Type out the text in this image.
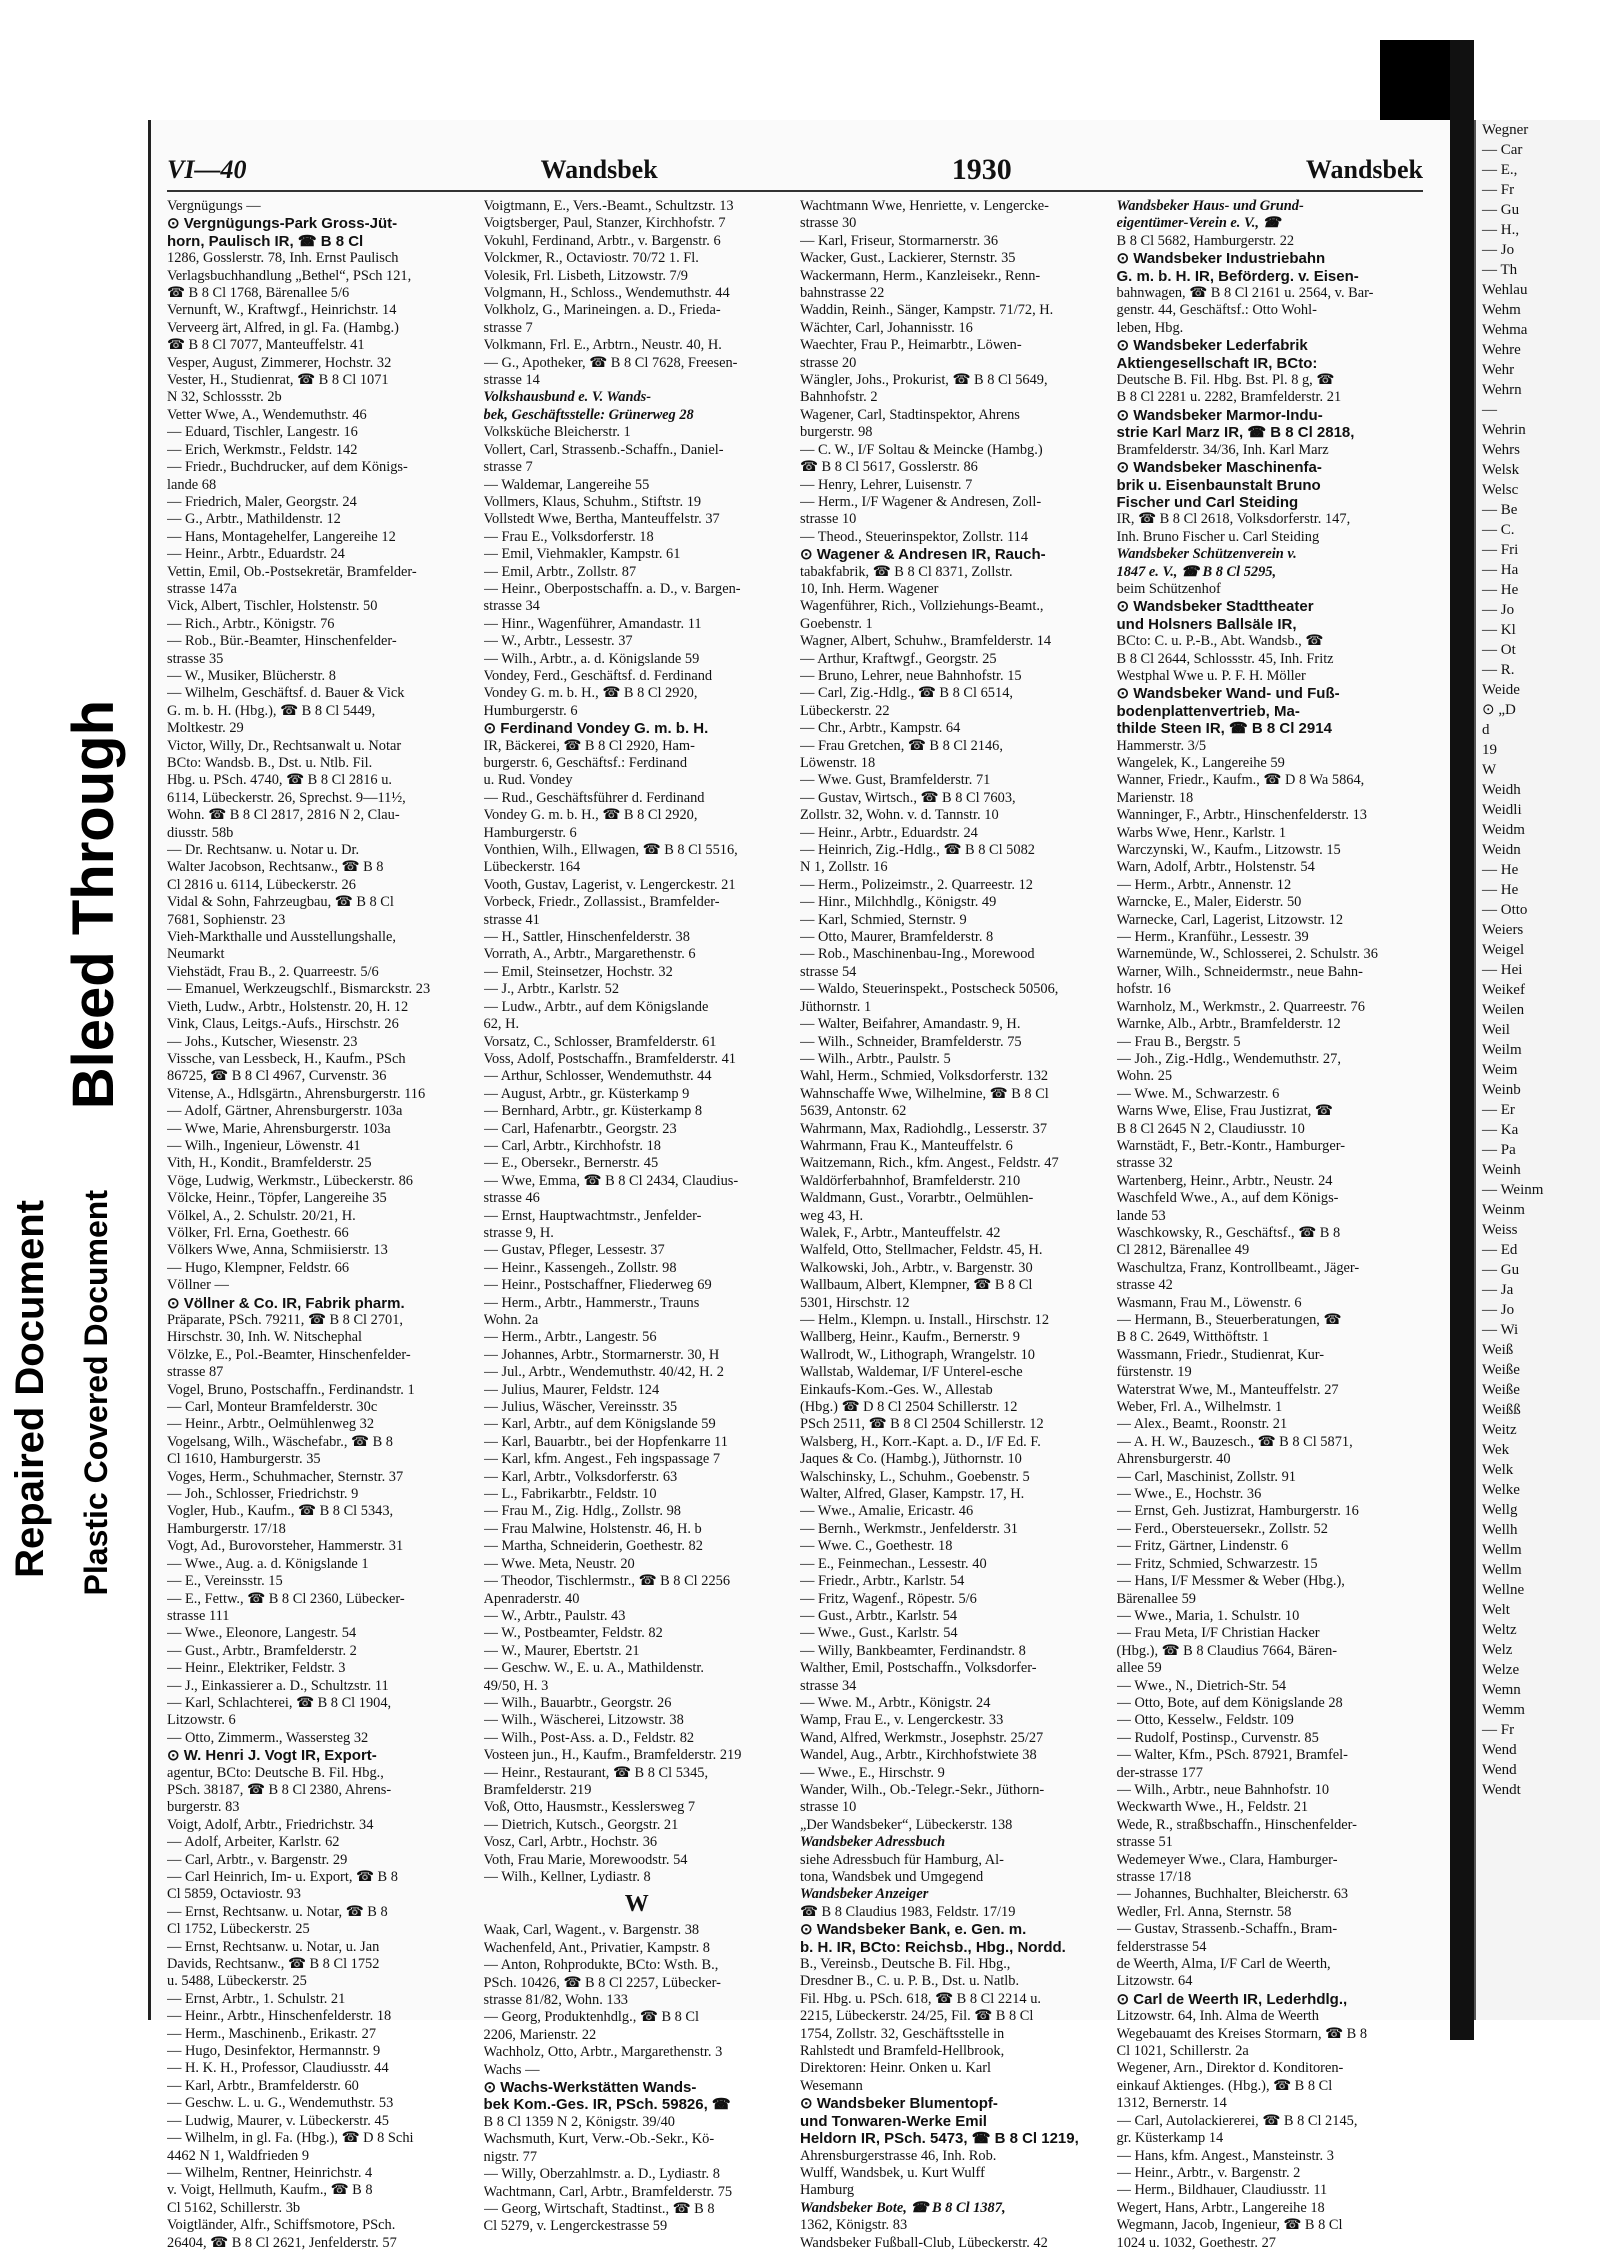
Repaired Document Plastic Covered Document
Bleed Through
VI—40	Wandsbek	1930	Wandsbek
Vergnügungs —
⊙ Vergnügungs-Park Gross-Jüt-
horn, Paulisch IR, ☎ B 8 Cl
1286, Gosslerstr. 78, Inh. Ernst Paulisch
Verlagsbuchhandlung „Bethel“, PSch 121,
☎ B 8 Cl 1768, Bärenallee 5/6
Vernunft, W., Kraftwgf., Heinrichstr. 14
Verveerg ärt, Alfred, in gl. Fa. (Hambg.)
☎ B 8 Cl 7077, Manteuffelstr. 41
Vesper, August, Zimmerer, Hochstr. 32
Vester, H., Studienrat, ☎ B 8 Cl 1071
N 32, Schlossstr. 2b
Vetter Wwe, A., Wendemuthstr. 46
— Eduard, Tischler, Langestr. 16
— Erich, Werkmstr., Feldstr. 142
— Friedr., Buchdrucker, auf dem Königs-
lande 68
— Friedrich, Maler, Georgstr. 24
— G., Arbtr., Mathildenstr. 12
— Hans, Montagehelfer, Langereihe 12
— Heinr., Arbtr., Eduardstr. 24
Vettin, Emil, Ob.-Postsekretär, Bramfelder-
strasse 147a
Vick, Albert, Tischler, Holstenstr. 50
— Rich., Arbtr., Königstr. 76
— Rob., Bür.-Beamter, Hinschenfelder-
strasse 35
— W., Musiker, Blücherstr. 8
— Wilhelm, Geschäftsf. d. Bauer & Vick
G. m. b. H. (Hbg.), ☎ B 8 Cl 5449,
Moltkestr. 29
Victor, Willy, Dr., Rechtsanwalt u. Notar
BCto: Wandsb. B., Dst. u. Ntlb. Fil.
Hbg. u. PSch. 4740, ☎ B 8 Cl 2816 u.
6114, Lübeckerstr. 26, Sprechst. 9—11½,
Wohn. ☎ B 8 Cl 2817, 2816 N 2, Clau-
diusstr. 58b
— Dr. Rechtsanw. u. Notar u. Dr.
Walter Jacobson, Rechtsanw., ☎ B 8
Cl 2816 u. 6114, Lübeckerstr. 26
Vidal & Sohn, Fahrzeugbau, ☎ B 8 Cl
7681, Sophienstr. 23
Vieh-Markthalle und Ausstellungshalle,
Neumarkt
Viehstädt, Frau B., 2. Quarreestr. 5/6
— Emanuel, Werkzeugschlf., Bismarckstr. 23
Vieth, Ludw., Arbtr., Holstenstr. 20, H. 12
Vink, Claus, Leitgs.-Aufs., Hirschstr. 26
— Johs., Kutscher, Wiesenstr. 23
Vissche, van Lessbeck, H., Kaufm., PSch
86725, ☎ B 8 Cl 4967, Curvenstr. 36
Vitense, A., Hdlsgärtn., Ahrensburgerstr. 116
— Adolf, Gärtner, Ahrensburgerstr. 103a
— Wwe, Marie, Ahrensburgerstr. 103a
— Wilh., Ingenieur, Löwenstr. 41
Vith, H., Kondit., Bramfelderstr. 25
Vöge, Ludwig, Werkmstr., Lübeckerstr. 86
Völcke, Heinr., Töpfer, Langereihe 35
Völkel, A., 2. Schulstr. 20/21, H.
Völker, Frl. Erna, Goethestr. 66
Völkers Wwe, Anna, Schmiisierstr. 13
— Hugo, Klempner, Feldstr. 66
Völlner —
⊙ Völlner & Co. IR, Fabrik pharm.
Präparate, PSch. 79211, ☎ B 8 Cl 2701,
Hirschstr. 30, Inh. W. Nitschephal
Völzke, E., Pol.-Beamter, Hinschenfelder-
strasse 87
Vogel, Bruno, Postschaffn., Ferdinandstr. 1
— Carl, Monteur Bramfelderstr. 30c
— Heinr., Arbtr., Oelmühlenweg 32
Vogelsang, Wilh., Wäschefabr., ☎ B 8
Cl 1610, Hamburgerstr. 35
Voges, Herm., Schuhmacher, Sternstr. 37
— Joh., Schlosser, Friedrichstr. 9
Vogler, Hub., Kaufm., ☎ B 8 Cl 5343,
Hamburgerstr. 17/18
Vogt, Ad., Burovorsteher, Hammerstr. 31
— Wwe., Aug. a. d. Königslande 1
— E., Vereinsstr. 15
— E., Fettw., ☎ B 8 Cl 2360, Lübecker-
strasse 111
— Wwe., Eleonore, Langestr. 54
— Gust., Arbtr., Bramfelderstr. 2
— Heinr., Elektriker, Feldstr. 3
— J., Einkassierer a. D., Schultzstr. 11
— Karl, Schlachterei, ☎ B 8 Cl 1904,
Litzowstr. 6
— Otto, Zimmerm., Wassersteg 32
⊙ W. Henri J. Vogt IR, Export-
agentur, BCto: Deutsche B. Fil. Hbg.,
PSch. 38187, ☎ B 8 Cl 2380, Ahrens-
burgerstr. 83
Voigt, Adolf, Arbtr., Friedrichstr. 34
— Adolf, Arbeiter, Karlstr. 62
— Carl, Arbtr., v. Bargenstr. 29
— Carl Heinrich, Im- u. Export, ☎ B 8
Cl 5859, Octaviostr. 93
— Ernst, Rechtsanw. u. Notar, ☎ B 8
Cl 1752, Lübeckerstr. 25
— Ernst, Rechtsanw. u. Notar, u. Jan
Davids, Rechtsanw., ☎ B 8 Cl 1752
u. 5488, Lübeckerstr. 25
— Ernst, Arbtr., 1. Schulstr. 21
— Heinr., Arbtr., Hinschenfelderstr. 18
— Herm., Maschinenb., Erikastr. 27
— Hugo, Desinfektor, Hermannstr. 9
— H. K. H., Professor, Claudiusstr. 44
— Karl, Arbtr., Bramfelderstr. 60
— Geschw. L. u. G., Wendemuthstr. 53
— Ludwig, Maurer, v. Lübeckerstr. 45
— Wilhelm, in gl. Fa. (Hbg.), ☎ D 8 Schi
4462 N 1, Waldfrieden 9
— Wilhelm, Rentner, Heinrichstr. 4
v. Voigt, Hellmuth, Kaufm., ☎ B 8
Cl 5162, Schillerstr. 3b
Voigtländer, Alfr., Schiffsmotore, PSch.
26404, ☎ B 8 Cl 2621, Jenfelderstr. 57
Voigtmann, E., Vers.-Beamt., Schultzstr. 13
Voigtsberger, Paul, Stanzer, Kirchhofstr. 7
Vokuhl, Ferdinand, Arbtr., v. Bargenstr. 6
Volckmer, R., Octaviostr. 70/72 1. Fl.
Volesik, Frl. Lisbeth, Litzowstr. 7/9
Volgmann, H., Schloss., Wendemuthstr. 44
Volkholz, G., Marineingen. a. D., Frieda-
strasse 7
Volkmann, Frl. E., Arbtrn., Neustr. 40, H.
— G., Apotheker, ☎ B 8 Cl 7628, Freesen-
strasse 14
Volkshausbund e. V. Wands-
bek, Geschäftsstelle: Grünerweg 28
Volksküche Bleicherstr. 1
Vollert, Carl, Strassenb.-Schaffn., Daniel-
strasse 7
— Waldemar, Langereihe 55
Vollmers, Klaus, Schuhm., Stiftstr. 19
Vollstedt Wwe, Bertha, Manteuffelstr. 37
— Frau E., Volksdorferstr. 18
— Emil, Viehmakler, Kampstr. 61
— Emil, Arbtr., Zollstr. 87
— Heinr., Oberpostschaffn. a. D., v. Bargen-
strasse 34
— Hinr., Wagenführer, Amandastr. 11
— W., Arbtr., Lessestr. 37
— Wilh., Arbtr., a. d. Königslande 59
Vondey, Ferd., Geschäftsf. d. Ferdinand
Vondey G. m. b. H., ☎ B 8 Cl 2920,
Humburgerstr. 6
⊙ Ferdinand Vondey G. m. b. H.
IR, Bäckerei, ☎ B 8 Cl 2920, Ham-
burgerstr. 6, Geschäftsf.: Ferdinand
u. Rud. Vondey
— Rud., Geschäftsführer d. Ferdinand
Vondey G. m. b. H., ☎ B 8 Cl 2920,
Hamburgerstr. 6
Vonthien, Wilh., Ellwagen, ☎ B 8 Cl 5516,
Lübeckerstr. 164
Vooth, Gustav, Lagerist, v. Lengerckestr. 21
Vorbeck, Friedr., Zollassist., Bramfelder-
strasse 41
— H., Sattler, Hinschenfelderstr. 38
Vorrath, A., Arbtr., Margarethenstr. 6
— Emil, Steinsetzer, Hochstr. 32
— J., Arbtr., Karlstr. 52
— Ludw., Arbtr., auf dem Königslande
62, H.
Vorsatz, C., Schlosser, Bramfelderstr. 61
Voss, Adolf, Postschaffn., Bramfelderstr. 41
— Arthur, Schlosser, Wendemuthstr. 44
— August, Arbtr., gr. Küsterkamp 9
— Bernhard, Arbtr., gr. Küsterkamp 8
— Carl, Hafenarbtr., Georgstr. 23
— Carl, Arbtr., Kirchhofstr. 18
— E., Obersekr., Bernerstr. 45
— Wwe, Emma, ☎ B 8 Cl 2434, Claudius-
strasse 46
— Ernst, Hauptwachtmstr., Jenfelder-
strasse 9, H.
— Gustav, Pfleger, Lessestr. 37
— Heinr., Kassengeh., Zollstr. 98
— Heinr., Postschaffner, Fliederweg 69
— Herm., Arbtr., Hammerstr., Trauns
Wohn. 2a
— Herm., Arbtr., Langestr. 56
— Johannes, Arbtr., Stormarnerstr. 30, H
— Jul., Arbtr., Wendemuthstr. 40/42, H. 2
— Julius, Maurer, Feldstr. 124
— Julius, Wäscher, Vereinsstr. 35
— Karl, Arbtr., auf dem Königslande 59
— Karl, Bauarbtr., bei der Hopfenkarre 11
— Karl, kfm. Angest., Feh ingspassage 7
— Karl, Arbtr., Volksdorferstr. 63
— L., Fabrikarbtr., Feldstr. 10
— Frau M., Zig. Hdlg., Zollstr. 98
— Frau Malwine, Holstenstr. 46, H. b
— Martha, Schneiderin, Goethestr. 82
— Wwe. Meta, Neustr. 20
— Theodor, Tischlermstr., ☎ B 8 Cl 2256
Apenraderstr. 40
— W., Arbtr., Paulstr. 43
— W., Postbeamter, Feldstr. 82
— W., Maurer, Ebertstr. 21
— Geschw. W., E. u. A., Mathildenstr.
49/50, H. 3
— Wilh., Bauarbtr., Georgstr. 26
— Wilh., Wäscherei, Litzowstr. 38
— Wilh., Post-Ass. a. D., Feldstr. 82
Vosteen jun., H., Kaufm., Bramfelderstr. 219
— Heinr., Restaurant, ☎ B 8 Cl 5345,
Bramfelderstr. 219
Voß, Otto, Hausmstr., Kesslersweg 7
— Dietrich, Kutsch., Georgstr. 21
Vosz, Carl, Arbtr., Hochstr. 36
Voth, Frau Marie, Morewoodstr. 54
— Wilh., Kellner, Lydiastr. 8
W
Waak, Carl, Wagent., v. Bargenstr. 38
Wachenfeld, Ant., Privatier, Kampstr. 8
— Anton, Rohprodukte, BCto: Wsth. B.,
PSch. 10426, ☎ B 8 Cl 2257, Lübecker-
strasse 81/82, Wohn. 133
— Georg, Produktenhdlg., ☎ B 8 Cl
2206, Marienstr. 22
Wachholz, Otto, Arbtr., Margarethenstr. 3
Wachs —
⊙ Wachs-Werkstätten Wands-
bek Kom.-Ges. IR, PSch. 59826, ☎
B 8 Cl 1359 N 2, Königstr. 39/40
Wachsmuth, Kurt, Verw.-Ob.-Sekr., Kö-
nigstr. 77
— Willy, Oberzahlmstr. a. D., Lydiastr. 8
Wachtmann, Carl, Arbtr., Bramfelderstr. 75
— Georg, Wirtschaft, Stadtinst., ☎ B 8
Cl 5279, v. Lengerckestrasse 59
Wachtmann Wwe, Henriette, v. Lengercke-
strasse 30
— Karl, Friseur, Stormarnerstr. 36
Wacker, Gust., Lackierer, Sternstr. 35
Wackermann, Herm., Kanzleisekr., Renn-
bahnstrasse 22
Waddin, Reinh., Sänger, Kampstr. 71/72, H.
Wächter, Carl, Johannisstr. 16
Waechter, Frau P., Heimarbtr., Löwen-
strasse 20
Wängler, Johs., Prokurist, ☎ B 8 Cl 5649,
Bahnhofstr. 2
Wagener, Carl, Stadtinspektor, Ahrens
burgerstr. 98
— C. W., I/F Soltau & Meincke (Hambg.)
☎ B 8 Cl 5617, Gosslerstr. 86
— Henry, Lehrer, Luisenstr. 7
— Herm., I/F Wagener & Andresen, Zoll-
strasse 10
— Theod., Steuerinspektor, Zollstr. 114
⊙ Wagener & Andresen IR, Rauch-
tabakfabrik, ☎ B 8 Cl 8371, Zollstr.
10, Inh. Herm. Wagener
Wagenführer, Rich., Vollziehungs-Beamt.,
Goebenstr. 1
Wagner, Albert, Schuhw., Bramfelderstr. 14
— Arthur, Kraftwgf., Georgstr. 25
— Bruno, Lehrer, neue Bahnhofstr. 15
— Carl, Zig.-Hdlg., ☎ B 8 Cl 6514,
Lübeckerstr. 22
— Chr., Arbtr., Kampstr. 64
— Frau Gretchen, ☎ B 8 Cl 2146,
Löwenstr. 18
— Wwe. Gust, Bramfelderstr. 71
— Gustav, Wirtsch., ☎ B 8 Cl 7603,
Zollstr. 32, Wohn. v. d. Tannstr. 10
— Heinr., Arbtr., Eduardstr. 24
— Heinrich, Zig.-Hdlg., ☎ B 8 Cl 5082
N 1, Zollstr. 16
— Herm., Polizeimstr., 2. Quarreestr. 12
— Hinr., Milchhdlg., Königstr. 49
— Karl, Schmied, Sternstr. 9
— Otto, Maurer, Bramfelderstr. 8
— Rob., Maschinenbau-Ing., Morewood
strasse 54
— Waldo, Steuerinspekt., Postscheck 50506,
Jüthornstr. 1
— Walter, Beifahrer, Amandastr. 9, H.
— Wilh., Schneider, Bramfelderstr. 75
— Wilh., Arbtr., Paulstr. 5
Wahl, Herm., Schmied, Volksdorferstr. 132
Wahnschaffe Wwe, Wilhelmine, ☎ B 8 Cl
5639, Antonstr. 62
Wahrmann, Max, Radiohdlg., Lesserstr. 37
Wahrmann, Frau K., Manteuffelstr. 6
Waitzemann, Rich., kfm. Angest., Feldstr. 47
Waldörferbahnhof, Bramfelderstr. 210
Waldmann, Gust., Vorarbtr., Oelmühlen-
weg 43, H.
Walek, F., Arbtr., Manteuffelstr. 42
Walfeld, Otto, Stellmacher, Feldstr. 45, H.
Walkowski, Joh., Arbtr., v. Bargenstr. 30
Wallbaum, Albert, Klempner, ☎ B 8 Cl
5301, Hirschstr. 12
— Helm., Klempn. u. Install., Hirschstr. 12
Wallberg, Heinr., Kaufm., Bernerstr. 9
Wallrodt, W., Lithograph, Wrangelstr. 10
Wallstab, Waldemar, I/F Unterel-esche
Einkaufs-Kom.-Ges. W., Allestab
(Hbg.) ☎ D 8 Cl 2504 Schillerstr. 12
PSch 2511, ☎ B 8 Cl 2504 Schillerstr. 12
Walsberg, H., Korr.-Kapt. a. D., I/F Ed. F.
Jaques & Co. (Hambg.), Jüthornstr. 10
Walschinsky, L., Schuhm., Goebenstr. 5
Walter, Alfred, Glaser, Kampstr. 17, H.
— Wwe., Amalie, Ericastr. 46
— Bernh., Werkmstr., Jenfelderstr. 31
— Wwe. C., Goethestr. 18
— E., Feinmechan., Lessestr. 40
— Friedr., Arbtr., Karlstr. 54
— Fritz, Wagenf., Röpestr. 5/6
— Gust., Arbtr., Karlstr. 54
— Wwe., Gust., Karlstr. 54
— Willy, Bankbeamter, Ferdinandstr. 8
Walther, Emil, Postschaffn., Volksdorfer-
strasse 34
— Wwe. M., Arbtr., Königstr. 24
Wamp, Frau E., v. Lengerckestr. 33
Wand, Alfred, Werkmstr., Josephstr. 25/27
Wandel, Aug., Arbtr., Kirchhofstwiete 38
— Wwe., E., Hirschstr. 9
Wander, Wilh., Ob.-Telegr.-Sekr., Jüthorn-
strasse 10
„Der Wandsbeker“, Lübeckerstr. 138
Wandsbeker Adressbuch
siehe Adressbuch für Hamburg, Al-
tona, Wandsbek und Umgegend
Wandsbeker Anzeiger
☎ B 8 Claudius 1983, Feldstr. 17/19
⊙ Wandsbeker Bank, e. Gen. m.
b. H. IR, BCto: Reichsb., Hbg., Nordd.
B., Vereinsb., Deutsche B. Fil. Hbg.,
Dresdner B., C. u. P. B., Dst. u. Natlb.
Fil. Hbg. u. PSch. 618, ☎ B 8 Cl 2214 u.
2215, Lübeckerstr. 24/25, Fil. ☎ B 8 Cl
1754, Zollstr. 32, Geschäftsstelle in
Rahlstedt und Bramfeld-Hellbrook,
Direktoren: Heinr. Onken u. Karl
Wesemann
⊙ Wandsbeker Blumentopf-
und Tonwaren-Werke Emil
Heldorn IR, PSch. 5473, ☎ B 8 Cl 1219,
Ahrensburgerstrasse 46, Inh. Rob.
Wulff, Wandsbek, u. Kurt Wulff
Hamburg
Wandsbeker Bote, ☎ B 8 Cl 1387,
1362, Königstr. 83
Wandsbeker Fußball-Club, Lübeckerstr. 42
Wandsbeker Haus- und Grund-
eigentümer-Verein e. V., ☎
B 8 Cl 5682, Hamburgerstr. 22
⊙ Wandsbeker Industriebahn
G. m. b. H. IR, Beförderg. v. Eisen-
bahnwagen, ☎ B 8 Cl 2161 u. 2564, v. Bar-
genstr. 44, Geschäftsf.: Otto Wohl-
leben, Hbg.
⊙ Wandsbeker Lederfabrik
Aktiengesellschaft IR, BCto:
Deutsche B. Fil. Hbg. Bst. Pl. 8 g, ☎
B 8 Cl 2281 u. 2282, Bramfelderstr. 21
⊙ Wandsbeker Marmor-Indu-
strie Karl Marz IR, ☎ B 8 Cl 2818,
Bramfelderstr. 34/36, Inh. Karl Marz
⊙ Wandsbeker Maschinenfa-
brik u. Eisenbaunstalt Bruno
Fischer und Carl Steiding
IR, ☎ B 8 Cl 2618, Volksdorferstr. 147,
Inh. Bruno Fischer u. Carl Steiding
Wandsbeker Schützenverein v.
1847 e. V., ☎ B 8 Cl 5295,
beim Schützenhof
⊙ Wandsbeker Stadttheater
und Holsners Ballsäle IR,
BCto: C. u. P.-B., Abt. Wandsb., ☎
B 8 Cl 2644, Schlossstr. 45, Inh. Fritz
Westphal Wwe u. P. F. H. Möller
⊙ Wandsbeker Wand- und Fuß-
bodenplattenvertrieb, Ma-
thilde Steen IR, ☎ B 8 Cl 2914
Hammerstr. 3/5
Wangelek, K., Langereihe 59
Wanner, Friedr., Kaufm., ☎ D 8 Wa 5864,
Marienstr. 18
Wanninger, F., Arbtr., Hinschenfelderstr. 13
Warbs Wwe, Henr., Karlstr. 1
Warczynski, W., Kaufm., Litzowstr. 15
Warn, Adolf, Arbtr., Holstenstr. 54
— Herm., Arbtr., Annenstr. 12
Warncke, E., Maler, Eiderstr. 50
Warnecke, Carl, Lagerist, Litzowstr. 12
— Herm., Kranführ., Lessestr. 39
Warnemünde, W., Schlosserei, 2. Schulstr. 36
Warner, Wilh., Schneidermstr., neue Bahn-
hofstr. 16
Warnholz, M., Werkmstr., 2. Quarreestr. 76
Warnke, Alb., Arbtr., Bramfelderstr. 12
— Frau B., Bergstr. 5
— Joh., Zig.-Hdlg., Wendemuthstr. 27,
Wohn. 25
— Wwe. M., Schwarzestr. 6
Warns Wwe, Elise, Frau Justizrat, ☎
B 8 Cl 2645 N 2, Claudiusstr. 10
Warnstädt, F., Betr.-Kontr., Hamburger-
strasse 32
Wartenberg, Heinr., Arbtr., Neustr. 24
Waschfeld Wwe., A., auf dem Königs-
lande 53
Waschkowsky, R., Geschäftsf., ☎ B 8
Cl 2812, Bärenallee 49
Waschultza, Franz, Kontrollbeamt., Jäger-
strasse 42
Wasmann, Frau M., Löwenstr. 6
— Hermann, B., Steuerberatungen, ☎
B 8 C. 2649, Witthöftstr. 1
Wassmann, Friedr., Studienrat, Kur-
fürstenstr. 19
Waterstrat Wwe, M., Manteuffelstr. 27
Weber, Frl. A., Wilhelmstr. 1
— Alex., Beamt., Roonstr. 21
— A. H. W., Bauzesch., ☎ B 8 Cl 5871,
Ahrensburgerstr. 40
— Carl, Maschinist, Zollstr. 91
— Wwe., E., Hochstr. 36
— Ernst, Geh. Justizrat, Hamburgerstr. 16
— Ferd., Obersteuersekr., Zollstr. 52
— Fritz, Gärtner, Lindenstr. 6
— Fritz, Schmied, Schwarzestr. 15
— Hans, I/F Messmer & Weber (Hbg.),
Bärenallee 59
— Wwe., Maria, 1. Schulstr. 10
— Frau Meta, I/F Christian Hacker
(Hbg.), ☎ B 8 Claudius 7664, Bären-
allee 59
— Wwe., N., Dietrich-Str. 54
— Otto, Bote, auf dem Königslande 28
— Otto, Kesselw., Feldstr. 109
— Rudolf, Postinsp., Curvenstr. 85
— Walter, Kfm., PSch. 87921, Bramfel-
der-strasse 177
— Wilh., Arbtr., neue Bahnhofstr. 10
Weckwarth Wwe., H., Feldstr. 21
Wede, R., straßbschaffn., Hinschenfelder-
strasse 51
Wedemeyer Wwe., Clara, Hamburger-
strasse 17/18
— Johannes, Buchhalter, Bleicherstr. 63
Wedler, Frl. Anna, Sternstr. 58
— Gustav, Strassenb.-Schaffn., Bram-
felderstrasse 54
de Weerth, Alma, I/F Carl de Weerth,
Litzowstr. 64
⊙ Carl de Weerth IR, Lederhdlg.,
Litzowstr. 64, Inh. Alma de Weerth
Wegebauamt des Kreises Stormarn, ☎ B 8
Cl 1021, Schillerstr. 2a
Wegener, Arn., Direktor d. Konditoren-
einkauf Aktienges. (Hbg.), ☎ B 8 Cl
1312, Bernerstr. 14
— Carl, Autolackiererei, ☎ B 8 Cl 2145,
gr. Küsterkamp 14
— Hans, kfm. Angest., Mansteinstr. 3
— Heinr., Arbtr., v. Bargenstr. 2
— Herm., Bildhauer, Claudiusstr. 11
Wegert, Hans, Arbtr., Langereihe 18
Wegmann, Jacob, Ingenieur, ☎ B 8 Cl
1024 u. 1032, Goethestr. 27
Wegner
— Car
— E.,
— Fr
— Gu
— H.,
— Jo
— Th
Wehlau
Wehm
Wehma
Wehre
Wehr
Wehrn
—
Wehrin
Wehrs
Welsk
Welsc
— Be
— C.
— Fri
— Ha
— He
— Jo
— Kl
— Ot
— R.
Weide
⊙ „D
d
19
W
Weidh
Weidli
Weidm
Weidn
— He
— He
— Otto
Weiers
Weigel
— Hei
Weikef
Weilen
Weil
Weilm
Weim
Weinb
— Er
— Ka
— Pa
Weinh
— Weinm
Weinm
Weiss
— Ed
— Gu
— Ja
— Jo
— Wi
Weiß
Weiße
Weiße
Weißß
Weitz
Wek
Welk
Welke
Wellg
Wellh
Wellm
Wellm
Wellne
Welt
Weltz
Welz
Welze
Wemn
Wemm
— Fr
Wend
Wend
Wendt
